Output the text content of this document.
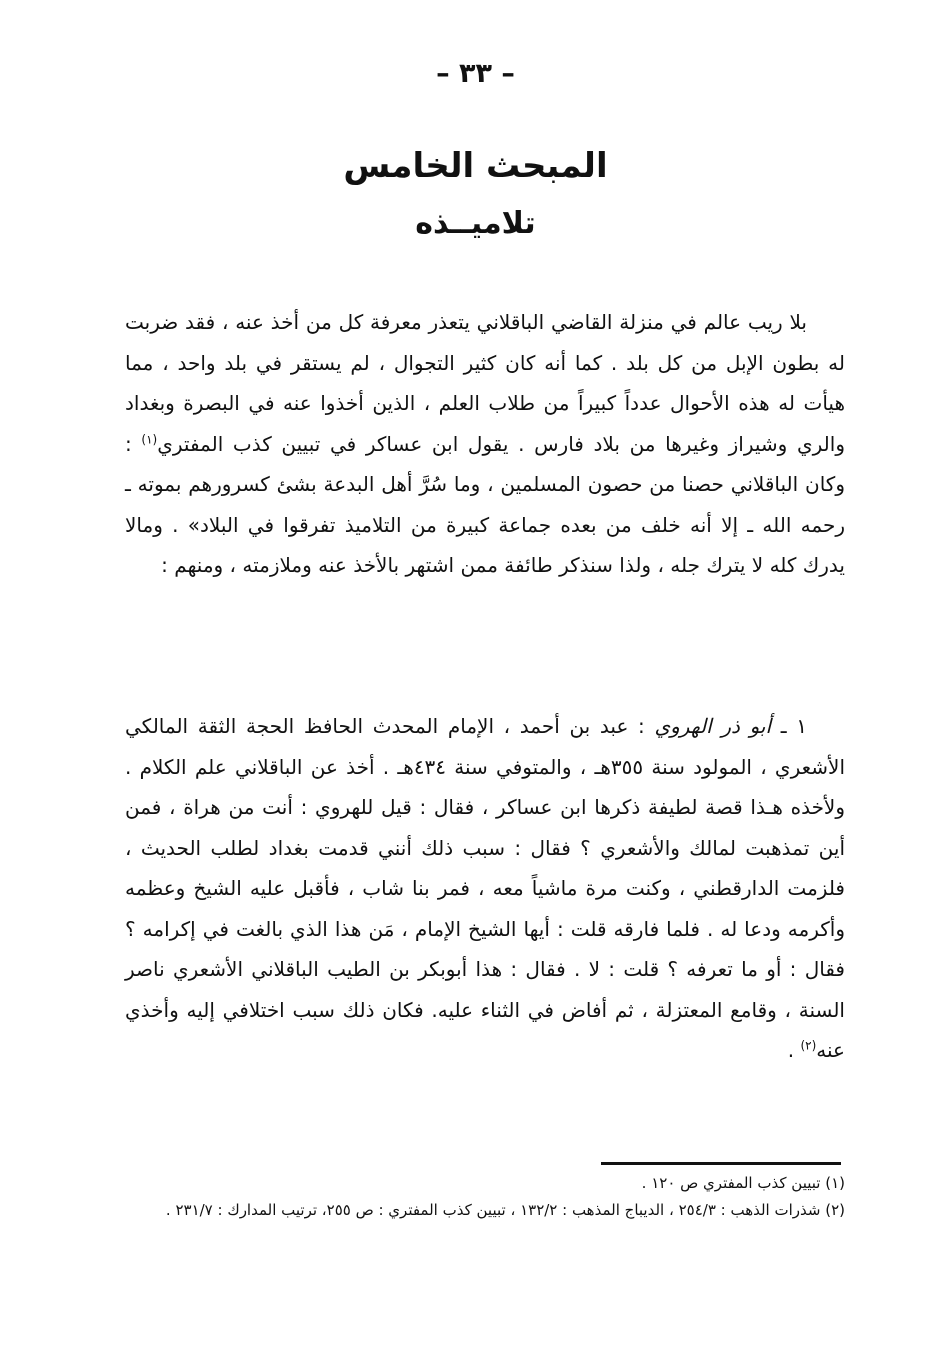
– ٣٣ –
المبحث الخامس
تلاميــذه

بلا ريب عالم في منزلة القاضي الباقلاني يتعذر معرفة كل من أخذ عنه ، فقد ضربت له بطون الإبل من كل بلد . كما أنه كان كثير التجوال ، لم يستقر في بلد واحد ، مما هيأت له هذه الأحوال عدداً كبيراً من طلاب العلم ، الذين أخذوا عنه في البصرة وبغداد والري وشيراز وغيرها من بلاد فارس . يقول ابن عساكر في تبيين كذب المفتري$^{(١)}$ : وكان الباقلاني حصنا من حصون المسلمين ، وما سُرَّ أهل البدعة بشئ كسرورهم بموته ـ رحمه الله ـ إلا أنه خلف من بعده جماعة كبيرة من التلاميذ تفرقوا في البلاد» . ومالا يدرك كله لا يترك جله ، ولذا سنذكر طائفة ممن اشتهر بالأخذ عنه وملازمته ، ومنهم :

١ ـ أبو ذر الهروي : عبد بن أحمد ، الإمام المحدث الحافظ الحجة الثقة المالكي الأشعري ، المولود سنة ٣٥٥هـ ، والمتوفي سنة ٤٣٤هـ . أخذ عن الباقلاني علم الكلام . ولأخذه هـذا قصة لطيفة ذكرها ابن عساكر ، فقال : قيل للهروي : أنت من هراة ، فمن أين تمذهبت لمالك والأشعري ؟ فقال : سبب ذلك أنني قدمت بغداد لطلب الحديث ، فلزمت الدارقطني ، وكنت مرة ماشياً معه ، فمر بنا شاب ، فأقبل عليه الشيخ وعظمه وأكرمه ودعا له . فلما فارقه قلت : أيها الشيخ الإمام ، مَن هذا الذي بالغت في إكرامه ؟ فقال : أو ما تعرفه ؟ قلت : لا . فقال : هذا أبوبكر بن الطيب الباقلاني الأشعري ناصر السنة ، وقامع المعتزلة ، ثم أفاض في الثناء عليه. فكان ذلك سبب اختلافي إليه وأخذي عنه$^{(٢)}$ .

(١) تبيين كذب المفتري ص ١٢٠ .

(٢) شذرات الذهب : ٢٥٤/٣ ، الديباج المذهب : ١٣٢/٢ ، تبيين كذب المفتري : ص ٢٥٥، ترتيب المدارك : ٢٣١/٧ .
